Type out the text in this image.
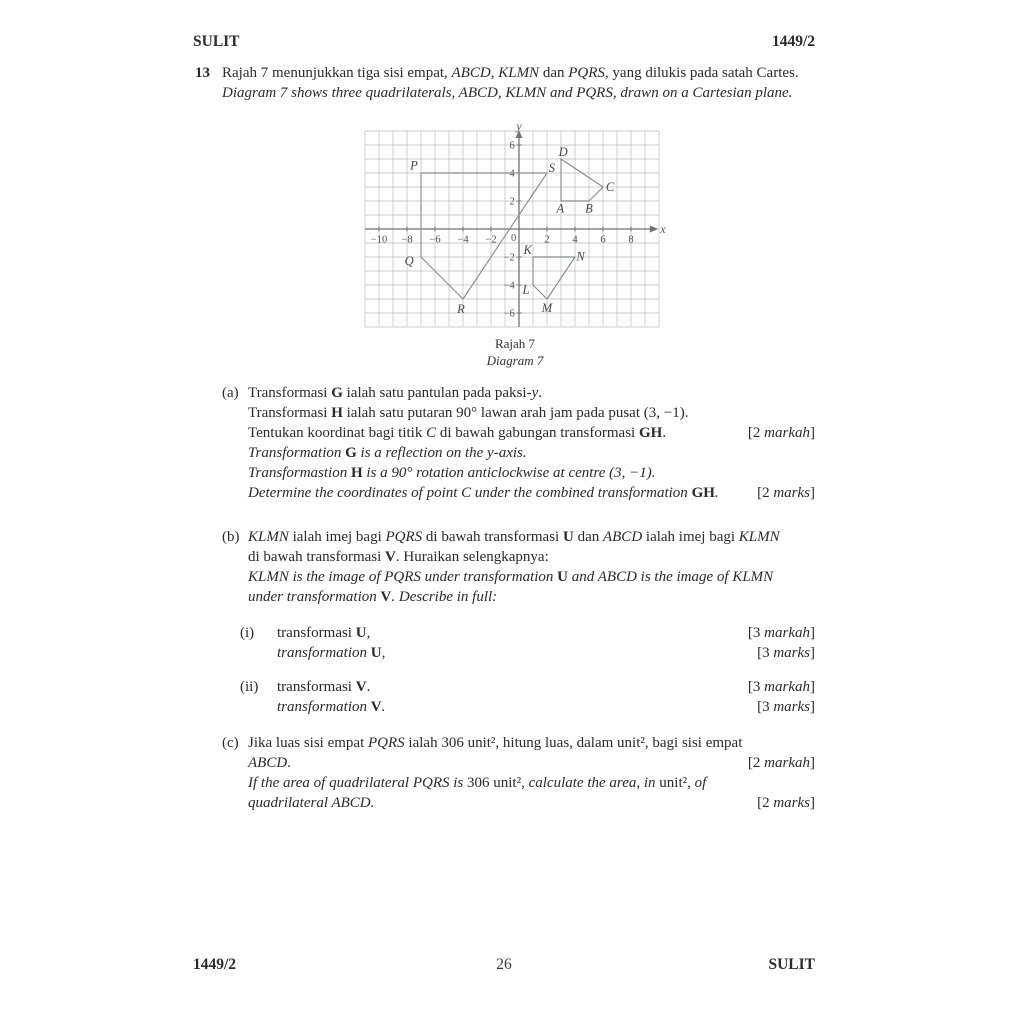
SULIT	1449/2
13 Rajah 7 menunjukkan tiga sisi empat, ABCD, KLMN dan PQRS, yang dilukis pada satah Cartes.
Diagram 7 shows three quadrilaterals, ABCD, KLMN and PQRS, drawn on a Cartesian plane.
−10 −8 −6 −4 −2	2 4 6 8
6
4
2
−2
−4
−6
0
x
y
P
Q
R
S
K
L
M
N
A B
C
D
Rajah 7
Diagram 7
(a) Transformasi G ialah satu pantulan pada paksi-y.
Transformasi H ialah satu putaran 90° lawan arah jam pada pusat (3, −1).
Tentukan koordinat bagi titik C di bawah gabungan transformasi GH.	[2 markah]
Transformation G is a reflection on the y-axis.
Transformastion H is a 90° rotation anticlockwise at centre (3, −1).
Determine the coordinates of point C under the combined transformation GH.	[2 marks]
(b) KLMN ialah imej bagi PQRS di bawah transformasi U dan ABCD ialah imej bagi KLMN
di bawah transformasi V. Huraikan selengkapnya:
KLMN is the image of PQRS under transformation U and ABCD is the image of KLMN
under transformation V. Describe in full:
(i)	transformasi U,	[3 markah]
transformation U,	[3 marks]
(ii)	transformasi V.	[3 markah]
transformation V.	[3 marks]
(c) Jika luas sisi empat PQRS ialah 306 unit², hitung luas, dalam unit², bagi sisi empat
ABCD.	[2 markah]
If the area of quadrilateral PQRS is 306 unit², calculate the area, in unit², of
quadrilateral ABCD.	[2 marks]
1449/2	26	SULIT
